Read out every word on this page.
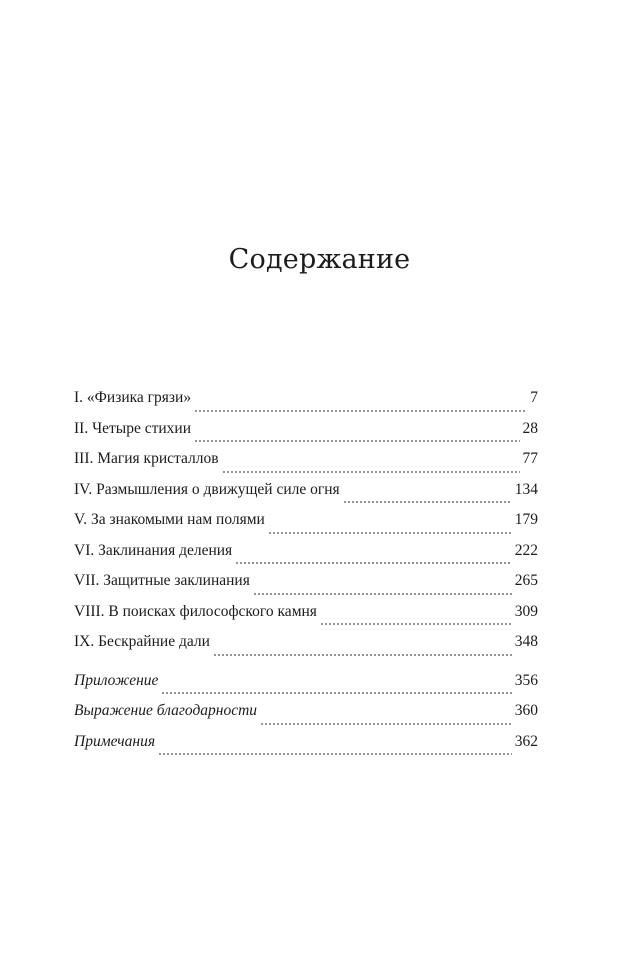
Содержание
I. «Физика грязи»	7
II. Четыре стихии	28
III. Магия кристаллов	77
IV. Размышления о движущей силе огня	134
V. За знакомыми нам полями	179
VI. Заклинания деления	222
VII. Защитные заклинания	265
VIII. В поисках философского камня	309
IX. Бескрайние дали	348
Приложение	356
Выражение благодарности	360
Примечания	362
